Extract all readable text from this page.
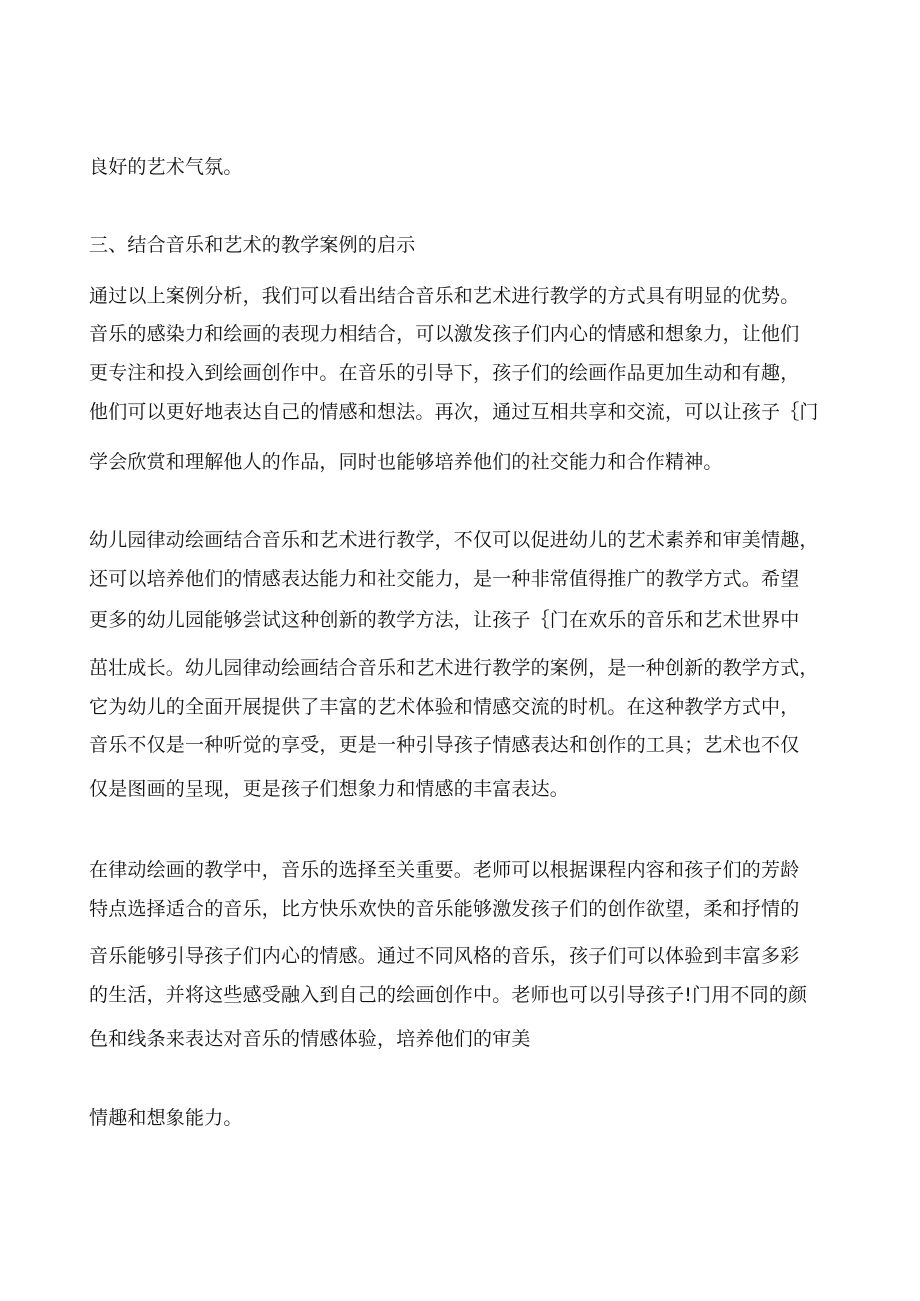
良好的艺术气氛。
三、结合音乐和艺术的教学案例的启示
通过以上案例分析，我们可以看出结合音乐和艺术进行教学的方式具有明显的优势。
音乐的感染力和绘画的表现力相结合，可以激发孩子们内心的情感和想象力，让他们
更专注和投入到绘画创作中。在音乐的引导下，孩子们的绘画作品更加生动和有趣，
他们可以更好地表达自己的情感和想法。再次，通过互相共享和交流，可以让孩子｛门
学会欣赏和理解他人的作品，同时也能够培养他们的社交能力和合作精神。
幼儿园律动绘画结合音乐和艺术进行教学，不仅可以促进幼儿的艺术素养和审美情趣，
还可以培养他们的情感表达能力和社交能力，是一种非常值得推广的教学方式。希望
更多的幼儿园能够尝试这种创新的教学方法，让孩子｛门在欢乐的音乐和艺术世界中
茁壮成长。幼儿园律动绘画结合音乐和艺术进行教学的案例，是一种创新的教学方式，
它为幼儿的全面开展提供了丰富的艺术体验和情感交流的时机。在这种教学方式中，
音乐不仅是一种听觉的享受，更是一种引导孩子情感表达和创作的工具；艺术也不仅
仅是图画的呈现，更是孩子们想象力和情感的丰富表达。
在律动绘画的教学中，音乐的选择至关重要。老师可以根据课程内容和孩子们的芳龄
特点选择适合的音乐，比方快乐欢快的音乐能够激发孩子们的创作欲望，柔和抒情的
音乐能够引导孩子们内心的情感。通过不同风格的音乐，孩子们可以体验到丰富多彩
的生活，并将这些感受融入到自己的绘画创作中。老师也可以引导孩子!门用不同的颜
色和线条来表达对音乐的情感体验，培养他们的审美
情趣和想象能力。
